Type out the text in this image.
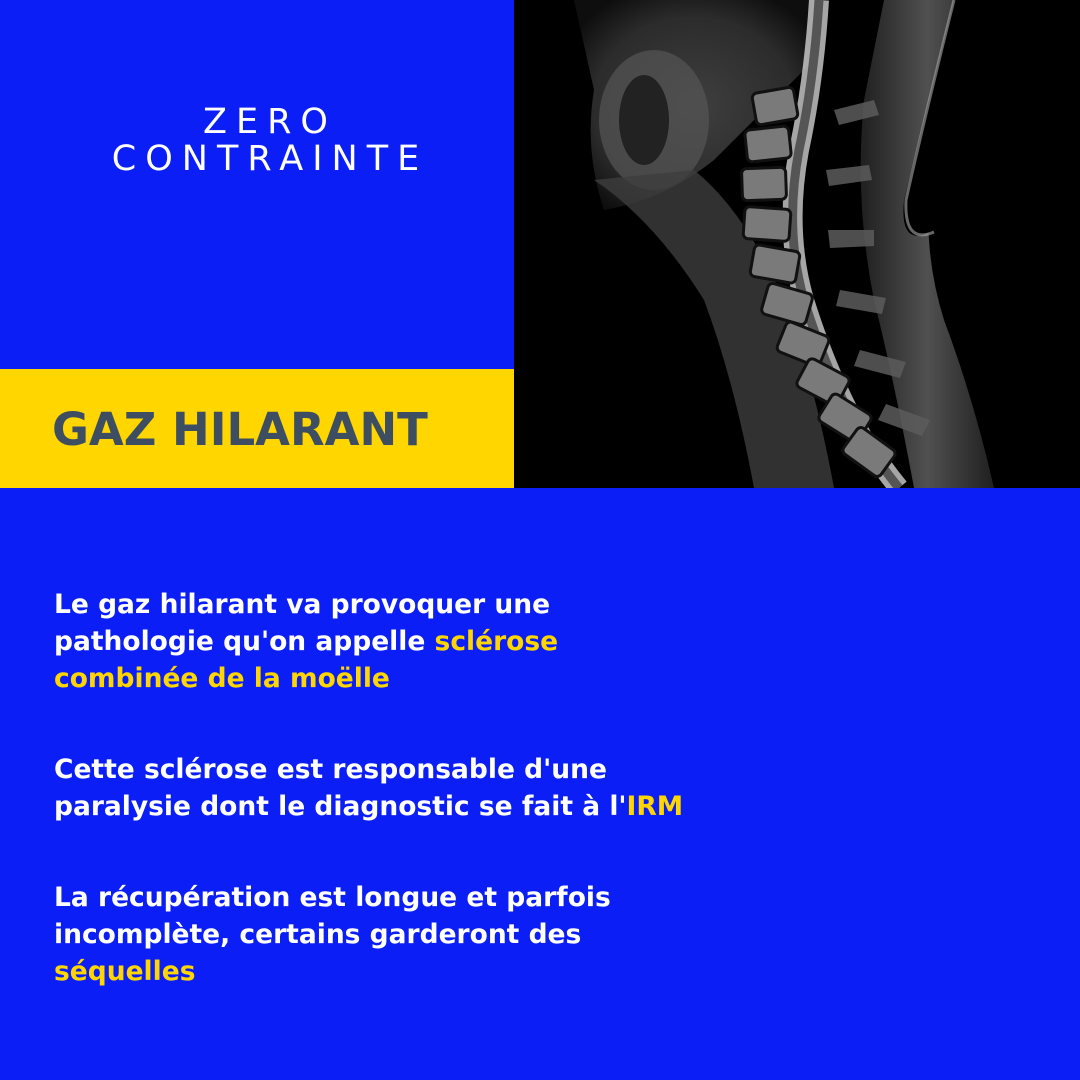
ZERO
CONTRAINTE
GAZ HILARANT

Le gaz hilarant va provoquer une
pathologie qu'on appelle sclérose
combinée de la moëlle

Cette sclérose est responsable d'une
paralysie dont le diagnostic se fait à l'IRM

La récupération est longue et parfois
incomplète, certains garderont des
séquelles
